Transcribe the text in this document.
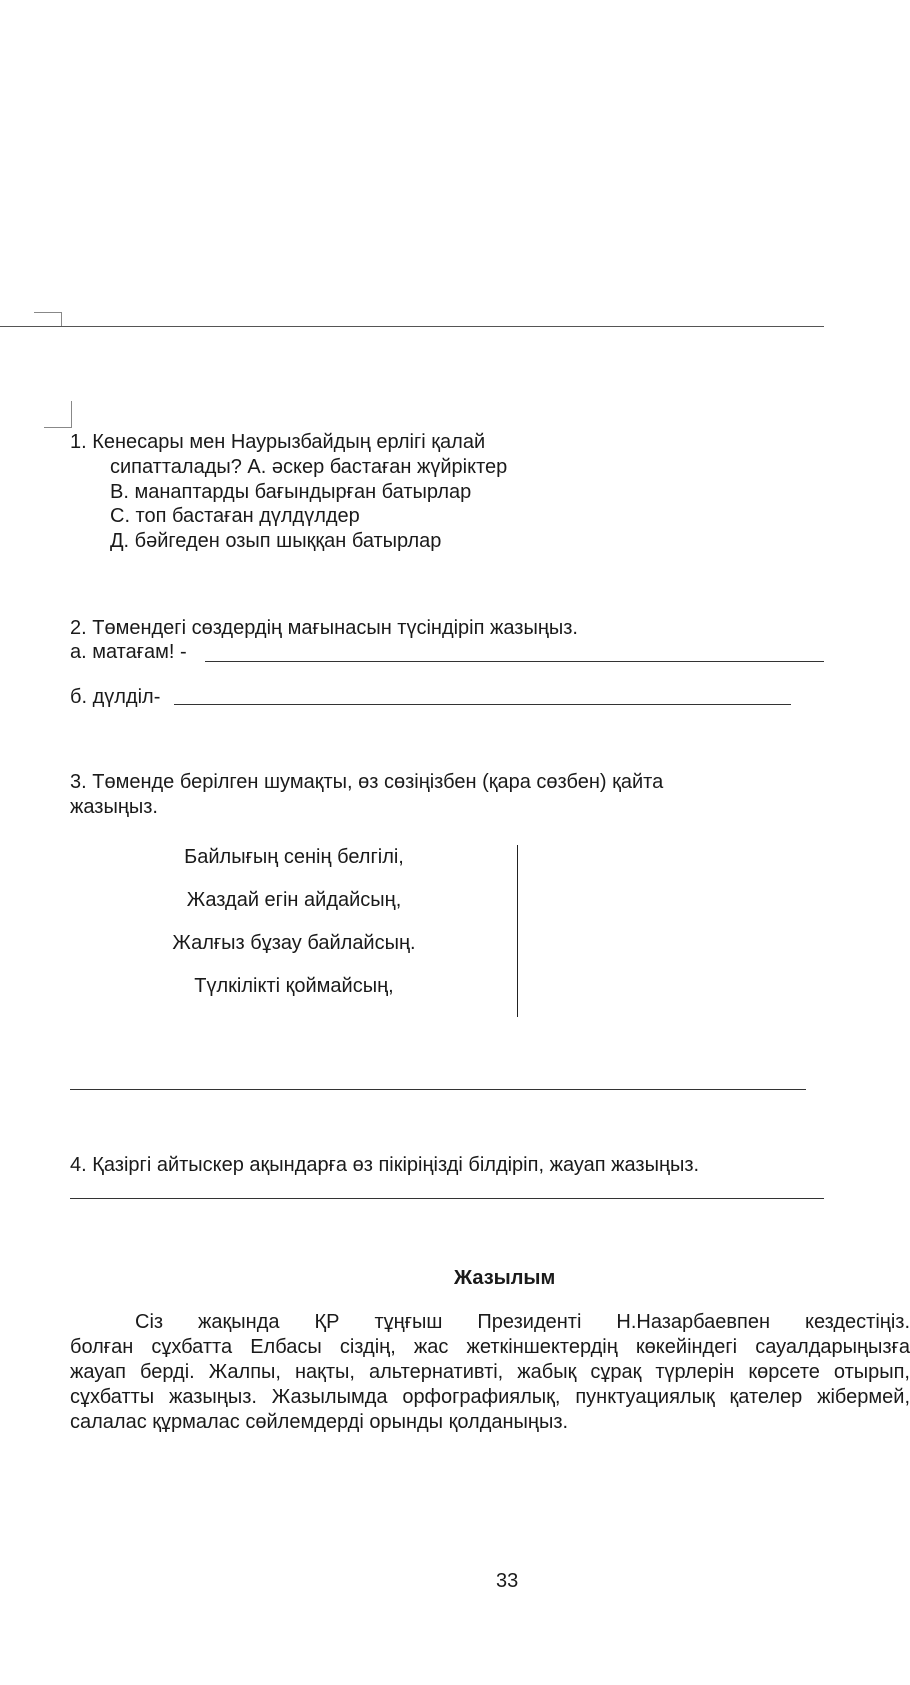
1. Кенесары мен Наурызбайдың ерлігі қалай
сипатталады? А. әскер бастаған жүйріктер
В. манаптарды бағындырған батырлар
С. топ бастаған дүлдүлдер
Д. бәйгеден озып шыққан батырлар
2. Төмендегі сөздердің мағынасын түсіндіріп жазыңыз.
а. матағам! -
б. дүлділ-
3. Төменде берілген шумақты, өз сөзіңізбен (қара сөзбен) қайта
жазыңыз.
Байлығың сенің белгілі,
Жаздай егін айдайсың,
Жалғыз бұзау байлайсың.
Түлкілікті қоймайсың,
4. Қазіргі айтыскер ақындарға өз пікіріңізді білдіріп, жауап жазыңыз.
Жазылым
Сіз жақында ҚР тұңғыш Президенті Н.Назарбаевпен кездестіңіз.
болған сұхбатта Елбасы сіздің, жас жеткіншектердің көкейіндегі сауалдарыңызға
жауап берді. Жалпы, нақты, альтернативті, жабық сұрақ түрлерін көрсете отырып,
сұхбатты жазыңыз. Жазылымда орфографиялық, пунктуациялық қателер жібермей,
салалас құрмалас сөйлемдерді орынды қолданыңыз.
33
